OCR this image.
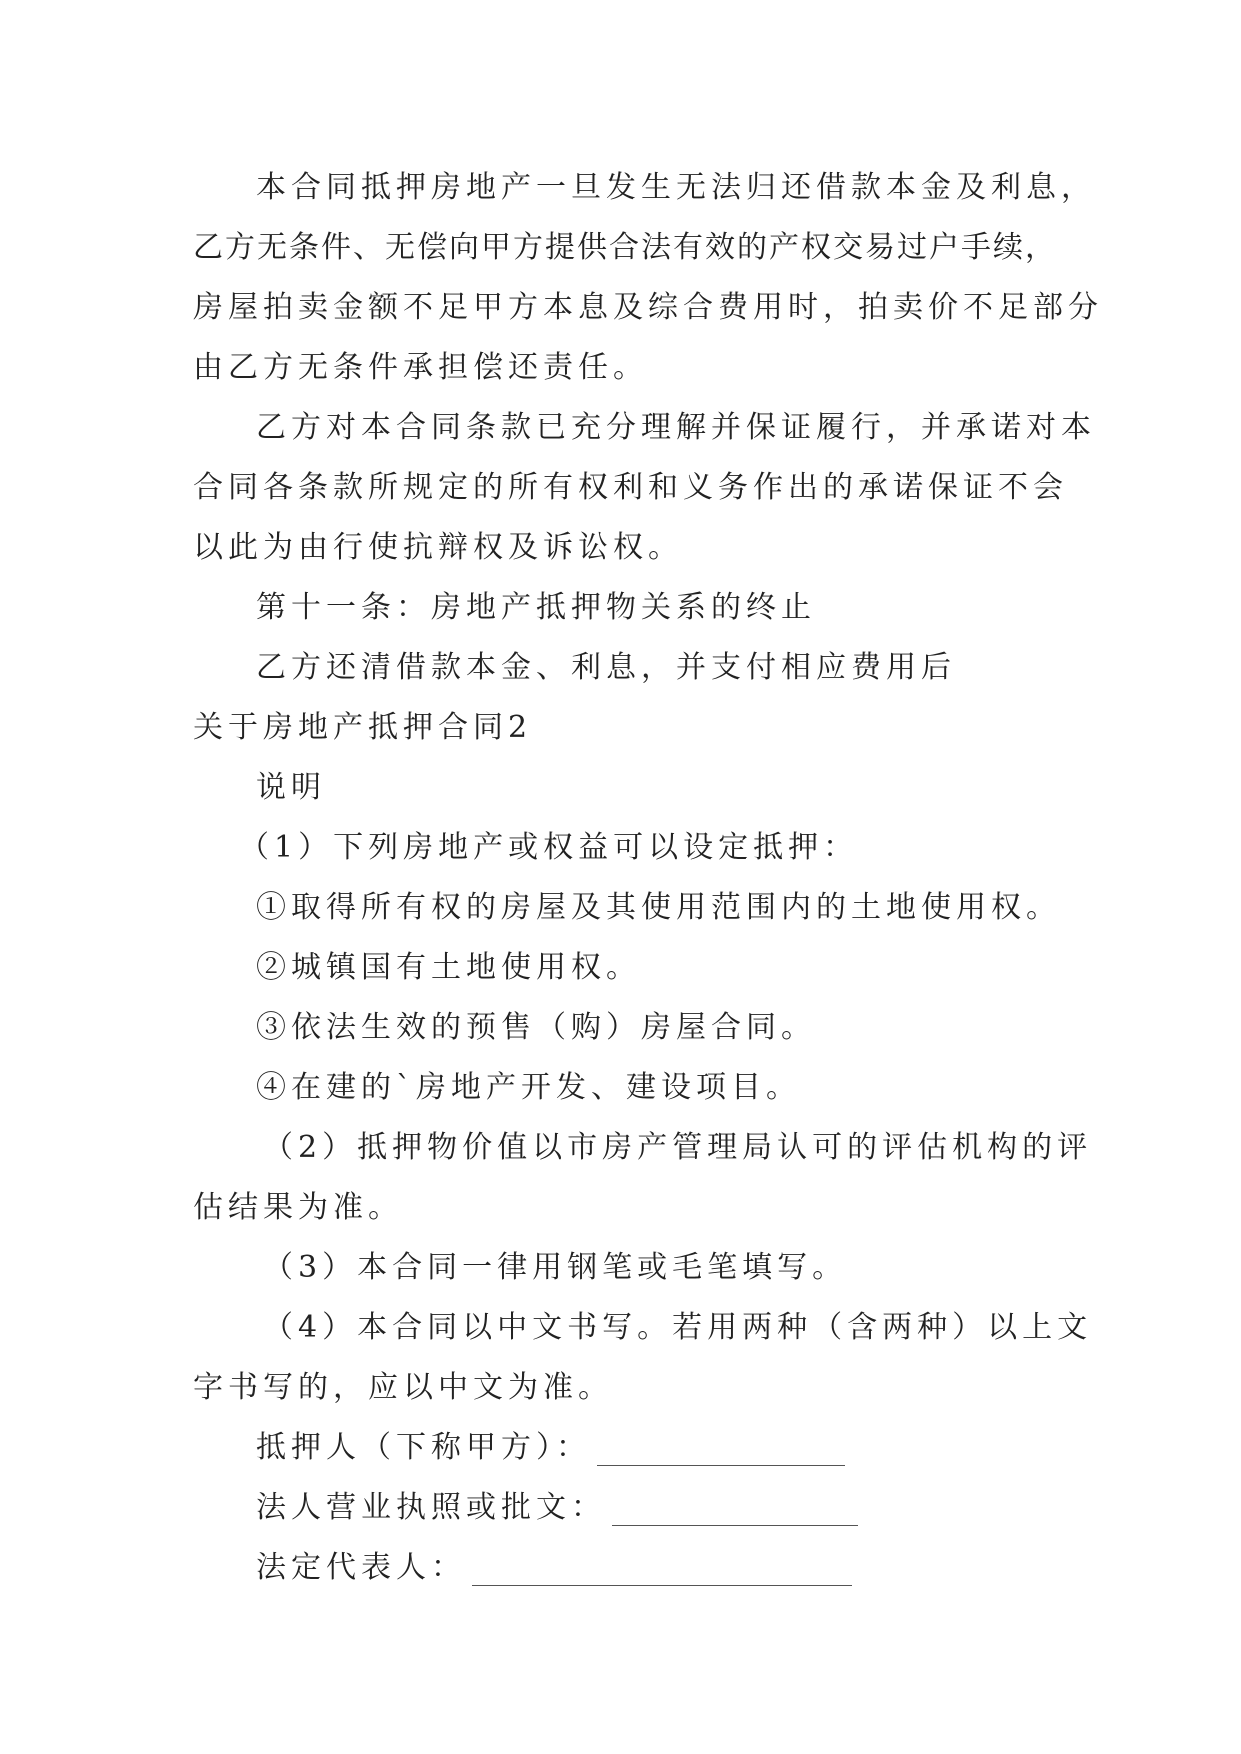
本合同抵押房地产一旦发生无法归还借款本金及利息，
乙方无条件、无偿向甲方提供合法有效的产权交易过户手续，
房屋拍卖金额不足甲方本息及综合费用时，拍卖价不足部分
由乙方无条件承担偿还责任。
乙方对本合同条款已充分理解并保证履行，并承诺对本
合同各条款所规定的所有权利和义务作出的承诺保证不会
以此为由行使抗辩权及诉讼权。
第十一条：房地产抵押物关系的终止
乙方还清借款本金、利息，并支付相应费用后
关于房地产抵押合同2
说明
（1）下列房地产或权益可以设定抵押：
①取得所有权的房屋及其使用范围内的土地使用权。
②城镇国有土地使用权。
③依法生效的预售（购）房屋合同。
④在建的`房地产开发、建设项目。
（2）抵押物价值以市房产管理局认可的评估机构的评
估结果为准。
（3）本合同一律用钢笔或毛笔填写。
（4）本合同以中文书写。若用两种（含两种）以上文
字书写的，应以中文为准。
抵押人（下称甲方）：
法人营业执照或批文：
法定代表人：
